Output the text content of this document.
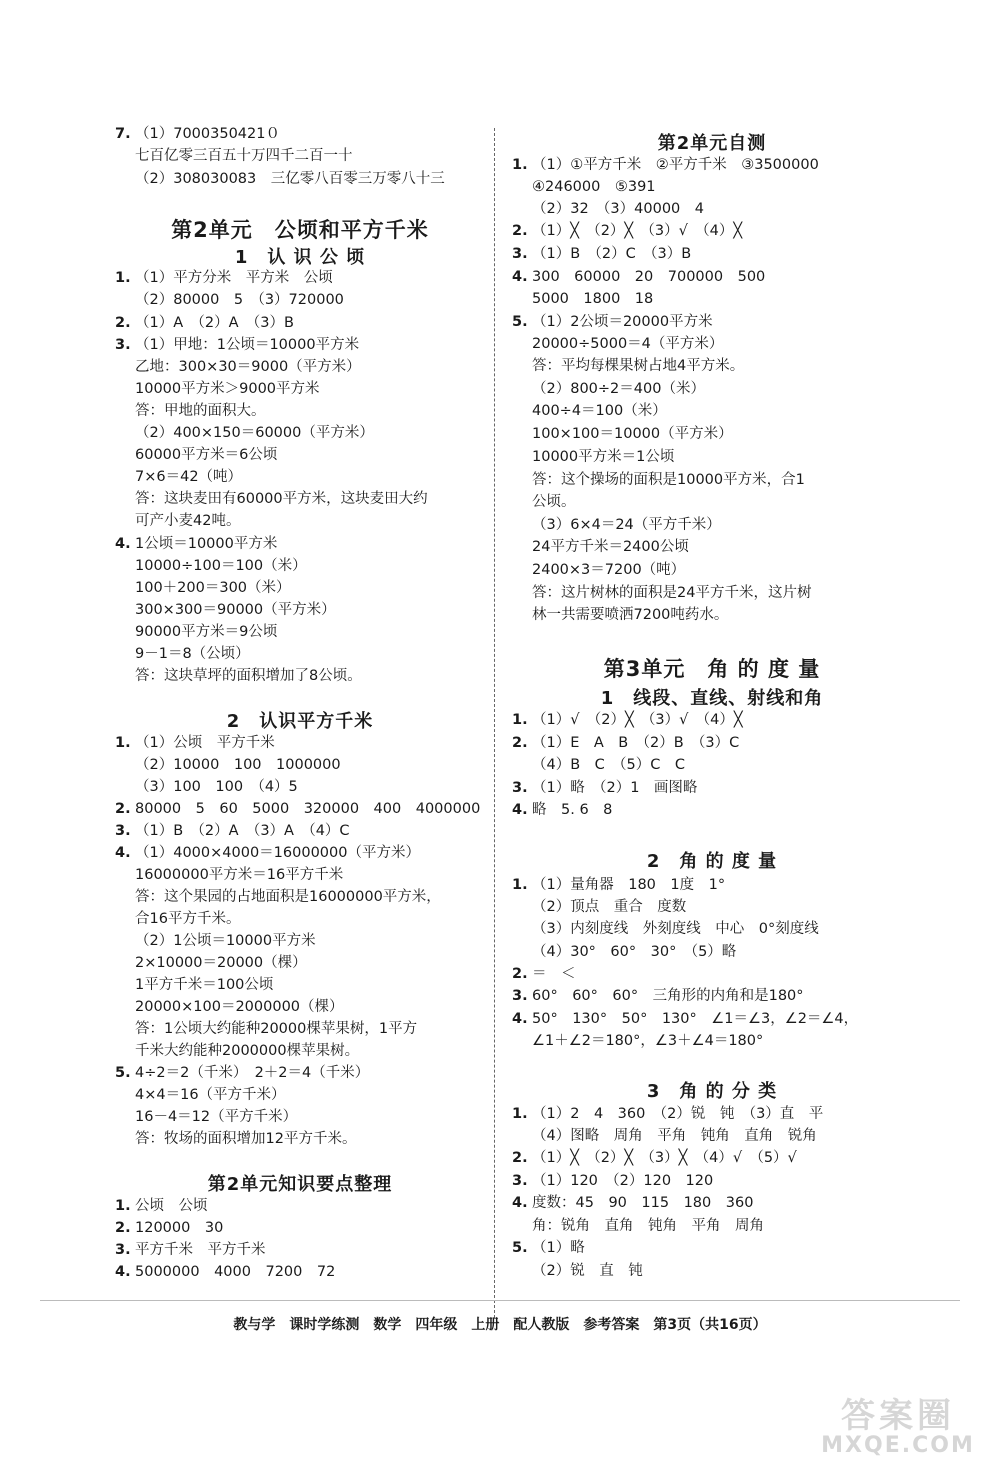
第2单元　公顷和平方千米
1　认 识 公 顷
2　认识平方千米
第2单元知识要点整理
7. （1）7000350421０
七百亿零三百五十万四千二百一十
（2）308030083　三亿零八百零三万零八十三
1. （1）平方分米　平方米　公顷
（2）80000　5　（3）720000
2. （1）A　（2）A　（3）B
3. （1）甲地：1公顷＝10000平方米
乙地：300×30＝9000（平方米）
10000平方米＞9000平方米
答：甲地的面积大。
（2）400×150＝60000（平方米）
60000平方米＝6公顷
7×6＝42（吨）
答：这块麦田有60000平方米，这块麦田大约
可产小麦42吨。
4. 1公顷＝10000平方米
10000÷100＝100（米）
100＋200＝300（米）
300×300＝90000（平方米）
90000平方米＝9公顷
9－1＝8（公顷）
答：这块草坪的面积增加了8公顷。
1. （1）公顷　平方千米
（2）10000　100　1000000
（3）100　100　（4）5
2. 80000　5　60　5000　320000　400　4000000
3. （1）B　（2）A　（3）A　（4）C
4. （1）4000×4000＝16000000（平方米）
16000000平方米＝16平方千米
答：这个果园的占地面积是16000000平方米，
合16平方千米。
（2）1公顷＝10000平方米
2×10000＝20000（棵）
1平方千米＝100公顷
20000×100＝2000000（棵）
答：1公顷大约能种20000棵苹果树，1平方
千米大约能种2000000棵苹果树。
5. 4÷2＝2（千米）　2＋2＝4（千米）
4×4＝16（平方千米）
16－4＝12（平方千米）
答：牧场的面积增加12平方千米。
1. 公顷　公顷
2. 120000　30
3. 平方千米　平方千米
4. 5000000　4000　7200　72
第2单元自测
第3单元　角 的 度 量
1　线段、直线、射线和角
2　角 的 度 量
3　角 的 分 类
1. （1）①平方千米　②平方千米　③3500000
④246000　⑤391
（2）32　（3）40000　4
2. （1）╳　（2）╳　（3）√　（4）╳
3. （1）B　（2）C　（3）B
4. 300　60000　20　700000　500
5000　1800　18
5. （1）2公顷＝20000平方米
20000÷5000＝4（平方米）
答：平均每棵果树占地4平方米。
（2）800÷2＝400（米）
400÷4＝100（米）
100×100＝10000（平方米）
10000平方米＝1公顷
答：这个操场的面积是10000平方米，合1
公顷。
（3）6×4＝24（平方千米）
24平方千米＝2400公顷
2400×3＝7200（吨）
答：这片树林的面积是24平方千米，这片树
林一共需要喷洒7200吨药水。
1. （1）√　（2）╳　（3）√　（4）╳
2. （1）E　A　B　（2）B　（3）C
（4）B　C　（5）C　C
3. （1）略　（2）1　画图略
4. 略　5. 6　8
1. （1）量角器　180　1度　1°
（2）顶点　重合　度数
（3）内刻度线　外刻度线　中心　0°刻度线
（4）30°　60°　30°　（5）略
2. ＝　＜
3. 60°　60°　60°　三角形的内角和是180°
4. 50°　130°　50°　130°　∠1＝∠3，∠2＝∠4，
∠1＋∠2＝180°，∠3＋∠4＝180°
1. （1）2　4　360　（2）锐　钝　（3）直　平
（4）图略　周角　平角　钝角　直角　锐角
2. （1）╳　（2）╳　（3）╳　（4）√　（5）√
3. （1）120　（2）120　120
4. 度数：45　90　115　180　360
角：锐角　直角　钝角　平角　周角
5. （1）略
（2）锐　直　钝
教与学　课时学练测　数学　四年级　上册　配人教版　参考答案　第3页（共16页）
答案圈
MXQE.COM
